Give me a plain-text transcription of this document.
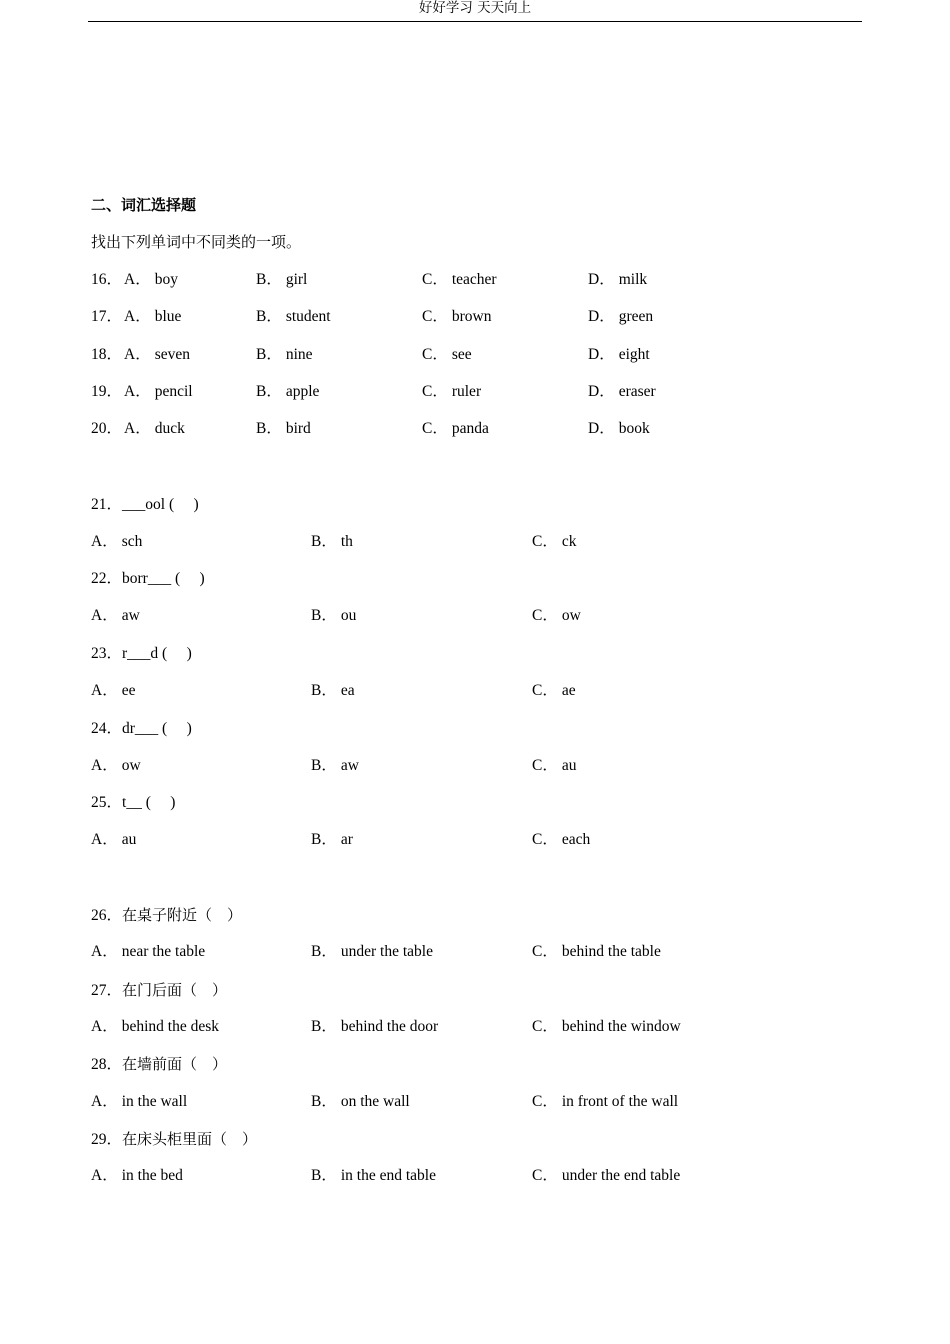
好好学习 天天向上
二、词汇选择题
找出下列单词中不同类的一项。
16． A． boy	B． girl	C． teacher	D． milk
17． A． blue	B． student	C． brown	D． green
18． A． seven	B． nine	C． see	D． eight
19． A． pencil	B． apple	C． ruler	D． eraser
20． A． duck	B． bird	C． panda	D． book
21．___ool (　 )
A． sch	B． th	C． ck
22．borr___ (　 )
A． aw	B． ou	C． ow
23．r___d (　 )
A． ee	B． ea	C． ae
24．dr___ (　 )
A． ow	B． aw	C． au
25．t__ (　 )
A． au	B． ar	C． each
26．在桌子附近（　）
A． near the table	B． under the table	C． behind the table
27．在门后面（　）
A． behind the desk	B． behind the door	C． behind the window
28．在墙前面（　）
A． in the wall	B． on the wall	C． in front of the wall
29．在床头柜里面（　）
A． in the bed	B． in the end table	C． under the end table
